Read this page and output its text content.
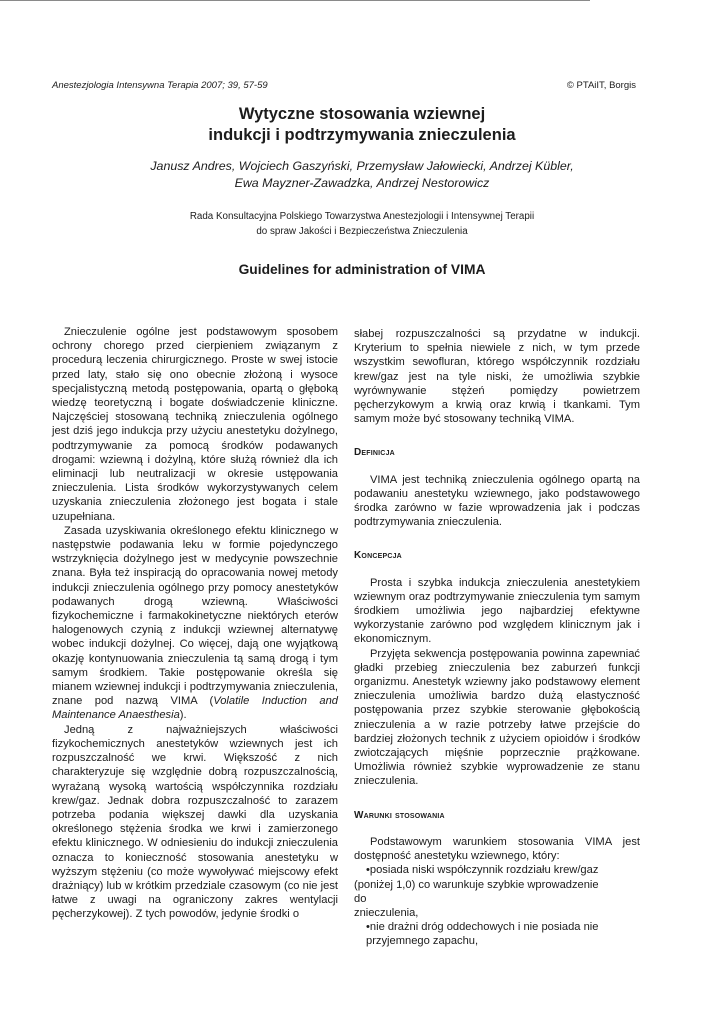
Anestezjologia Intensywna Terapia 2007; 39, 57-59	© PTAiIT, Borgis
Wytyczne stosowania wziewnej
indukcji i podtrzymywania znieczulenia
Janusz Andres, Wojciech Gaszyński, Przemysław Jałowiecki, Andrzej Kübler,
Ewa Mayzner-Zawadzka, Andrzej Nestorowicz
Rada Konsultacyjna Polskiego Towarzystwa Anestezjologii i Intensywnej Terapii
do spraw Jakości i Bezpieczeństwa Znieczulenia
Guidelines for administration of VIMA

Znieczulenie ogólne jest podstawowym sposobem ochrony chorego przed cierpieniem związanym z procedurą leczenia chirurgicznego. Proste w swej istocie przed laty, stało się ono obecnie złożoną i wysoce specjalistyczną metodą postępowania, opartą o głęboką wiedzę teoretyczną i bogate doświadczenie kliniczne. Najczęściej stosowaną techniką znieczulenia ogólnego jest dziś jego indukcja przy użyciu anestetyku dożylnego, podtrzymywanie za pomocą środków podawanych drogami: wziewną i dożylną, które służą również dla ich eliminacji lub neutralizacji w okresie ustępowania znieczulenia. Lista środków wykorzystywanych celem uzyskania znieczulenia złożonego jest bogata i stale uzupełniana.

Zasada uzyskiwania określonego efektu klinicznego w następstwie podawania leku w formie pojedynczego wstrzyknięcia dożylnego jest w medycynie powszechnie znana. Była też inspiracją do opracowania nowej metody indukcji znieczulenia ogólnego przy pomocy anestetyków podawanych drogą wziewną. Właściwości fizykochemiczne i farmakokinetyczne niektórych eterów halogenowych czynią z indukcji wziewnej alternatywę wobec indukcji dożylnej. Co więcej, dają one wyjątkową okazję kontynuowania znieczulenia tą samą drogą i tym samym środkiem. Takie postępowanie określa się mianem wziewnej indukcji i podtrzymywania znieczulenia, znane pod nazwą VIMA (Volatile Induction and Maintenance Anaesthesia).

Jedną z najważniejszych właściwości fizykochemicznych anestetyków wziewnych jest ich rozpuszczalność we krwi. Większość z nich charakteryzuje się względnie dobrą rozpuszczalnością, wyrażaną wysoką wartością współczynnika rozdziału krew/gaz. Jednak dobra rozpuszczalność to zarazem potrzeba podania większej dawki dla uzyskania określonego stężenia środka we krwi i zamierzonego efektu klinicznego. W odniesieniu do indukcji znieczulenia oznacza to konieczność stosowania anestetyku w wyższym stężeniu (co może wywoływać miejscowy efekt drażniący) lub w krótkim przedziale czasowym (co nie jest łatwe z uwagi na ograniczony zakres wentylacji pęcherzykowej). Z tych powodów, jedynie środki o

słabej rozpuszczalności są przydatne w indukcji. Kryterium to spełnia niewiele z nich, w tym przede wszystkim sewofluran, którego współczynnik rozdziału krew/gaz jest na tyle niski, że umożliwia szybkie wyrównywanie stężeń pomiędzy powietrzem pęcherzykowym a krwią oraz krwią i tkankami. Tym samym może być stosowany techniką VIMA.

Definicja

VIMA jest techniką znieczulenia ogólnego opartą na podawaniu anestetyku wziewnego, jako podstawowego środka zarówno w fazie wprowadzenia jak i podczas podtrzymywania znieczulenia.

Koncepcja

Prosta i szybka indukcja znieczulenia anestetykiem wziewnym oraz podtrzymywanie znieczulenia tym samym środkiem umożliwia jego najbardziej efektywne wykorzystanie zarówno pod względem klinicznym jak i ekonomicznym.

Przyjęta sekwencja postępowania powinna zapewniać gładki przebieg znieczulenia bez zaburzeń funkcji organizmu. Anestetyk wziewny jako podstawowy element znieczulenia umożliwia bardzo dużą elastyczność postępowania przez szybkie sterowanie głębokością znieczulenia a w razie potrzeby łatwe przejście do bardziej złożonych technik z użyciem opioidów i środków zwiotczających mięśnie poprzecznie prążkowane. Umożliwia również szybkie wyprowadzenie ze stanu znieczulenia.

Warunki stosowania

Podstawowym warunkiem stosowania VIMA jest dostępność anestetyku wziewnego, który:

•posiada niski współczynnik rozdziału krew/gaz
(poniżej 1,0) co warunkuje szybkie wprowadzenie
do
znieczulenia,
•nie drażni dróg oddechowych i nie posiada nie
przyjemnego zapachu,
